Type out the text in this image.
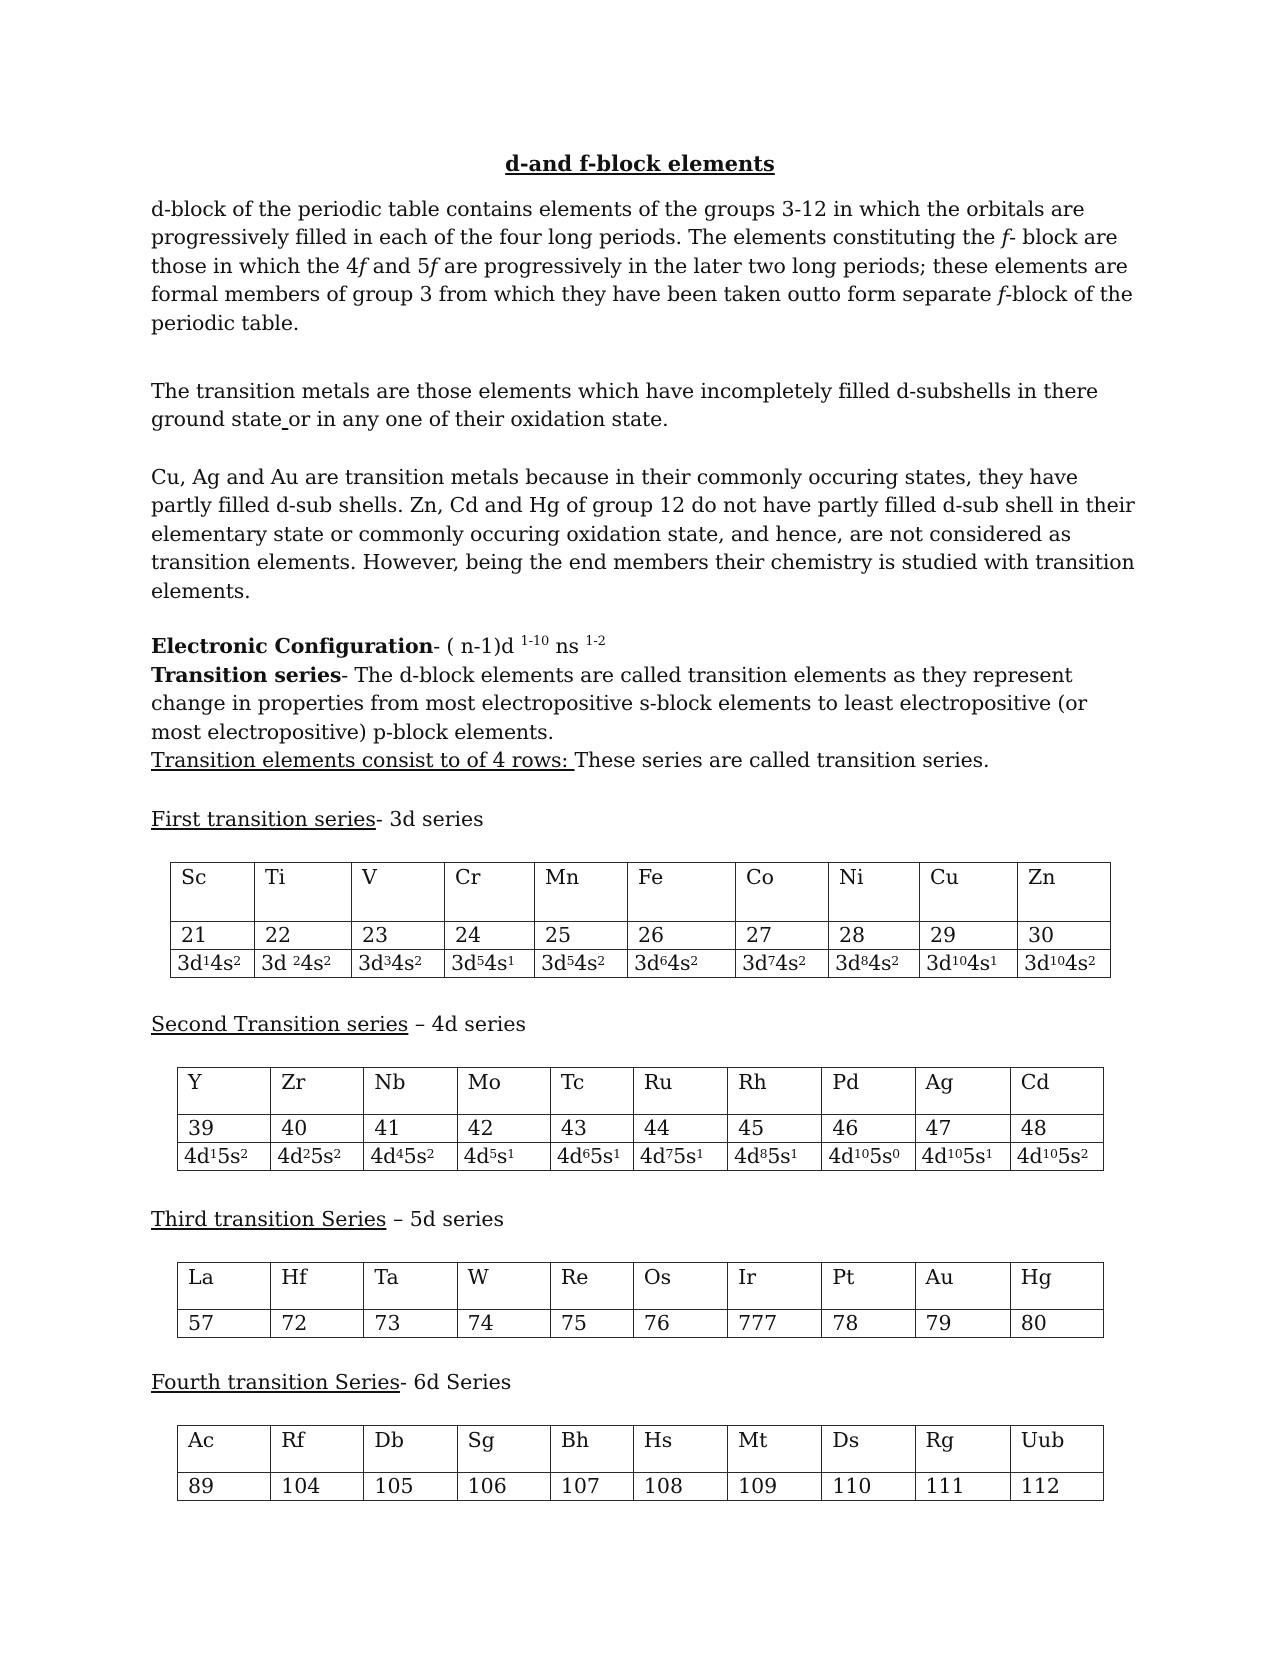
d-and f-block elements

d-block of the periodic table contains elements of the groups 3-12 in which the orbitals are progressively filled in each of the four long periods. The elements constituting the f- block are those in which the 4f and 5f are progressively in the later two long periods; these elements are formal members of group 3 from which they have been taken outto form separate f-block of the periodic table.

The transition metals are those elements which have incompletely filled d-subshells in there ground state or in any one of their oxidation state.

Cu, Ag and Au are transition metals because in their commonly occuring states, they have partly filled d-sub shells. Zn, Cd and Hg of group 12 do not have partly filled d-sub shell in their elementary state or commonly occuring oxidation state, and hence, are not considered as transition elements. However, being the end members their chemistry is studied with transition elements.

Electronic Configuration- ( n-1)d $^{1-10}$ ns $^{1-2}$

Transition series- The d-block elements are called transition elements as they represent change in properties from most electropositive s-block elements to least electropositive (or most electropositive) p-block elements.
Transition elements consist to of 4 rows: These series are called transition series.

First transition series- 3d series

Sc	Ti	V	Cr	Mn	Fe	Co	Ni	Cu	Zn
21	22	23	24	25	26	27	28	29	30
$3d^14s^2$	3d $^24s^2$	$3d^34s^2$	$3d^54s^1$	$3d^54s^2$	$3d^64s^2$	$3d^74s^2$	$3d^84s^2$	$3d^{10}4s^1$	$3d^{10}4s^2$

Second Transition series – 4d series

Y	Zr	Nb	Mo	Tc	Ru	Rh	Pd	Ag	Cd
39	40	41	42	43	44	45	46	47	48
$4d^15s^2$	$4d^25s^2$	$4d^45s^2$	$4d^5s^1$	$4d^65s^1$	$4d^75s^1$	$4d^85s^1$	$4d^{10}5s^0$	$4d^{10}5s^1$	$4d^{10}5s^2$

Third transition Series – 5d series

La	Hf	Ta	W	Re	Os	Ir	Pt	Au	Hg
57	72	73	74	75	76	777	78	79	80

Fourth transition Series- 6d Series

Ac	Rf	Db	Sg	Bh	Hs	Mt	Ds	Rg	Uub
89	104	105	106	107	108	109	110	111	112
